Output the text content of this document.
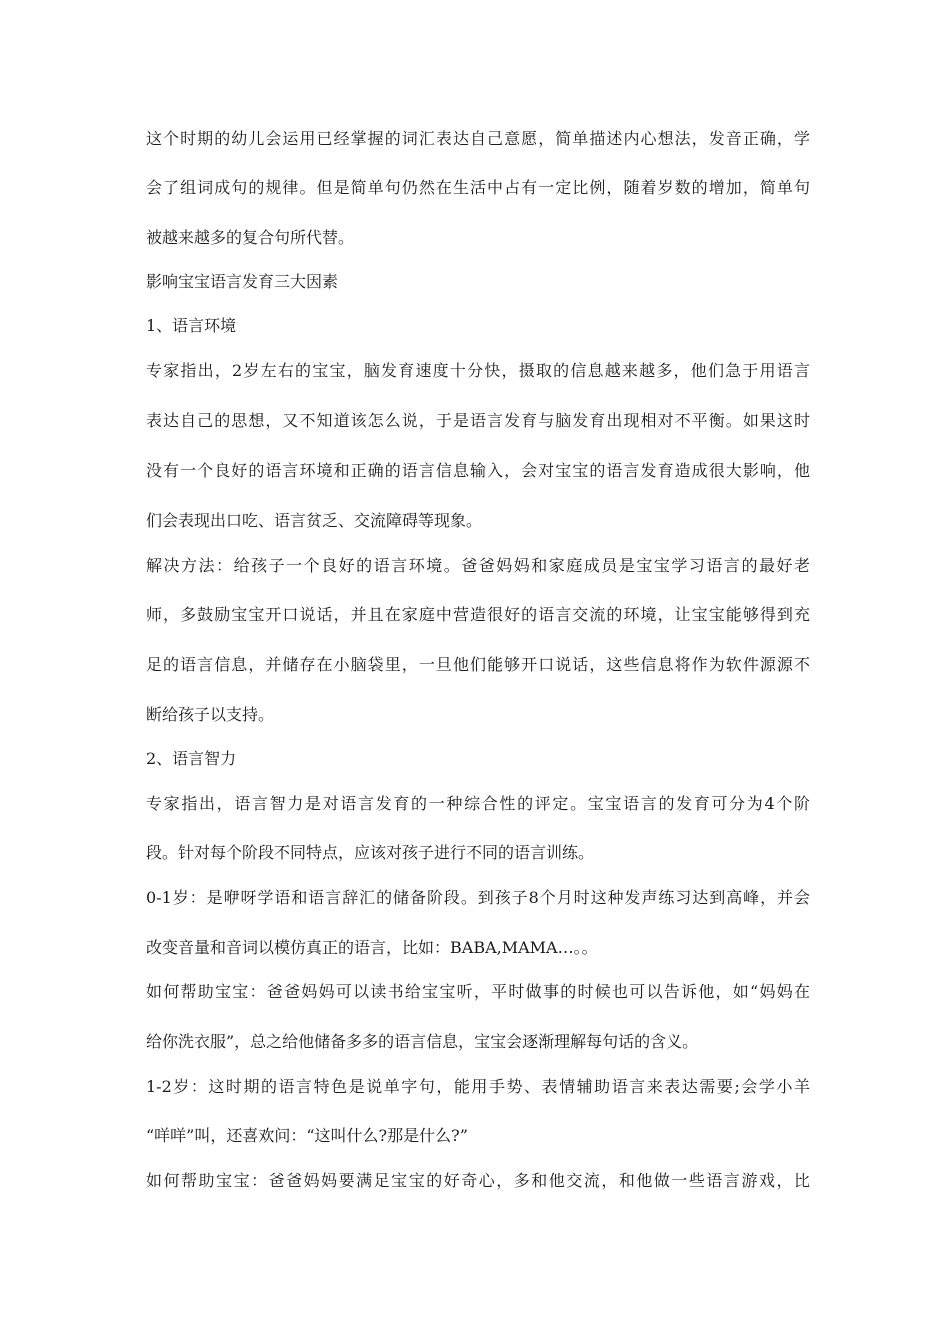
这个时期的幼儿会运用已经掌握的词汇表达自己意愿，简单描述内心想法，发音正确，学
会了组词成句的规律。但是简单句仍然在生活中占有一定比例，随着岁数的增加，简单句
被越来越多的复合句所代替。
影响宝宝语言发育三大因素
1、语言环境
专家指出，2岁左右的宝宝，脑发育速度十分快，摄取的信息越来越多，他们急于用语言
表达自己的思想，又不知道该怎么说，于是语言发育与脑发育出现相对不平衡。如果这时
没有一个良好的语言环境和正确的语言信息输入，会对宝宝的语言发育造成很大影响，他
们会表现出口吃、语言贫乏、交流障碍等现象。
解决方法：给孩子一个良好的语言环境。爸爸妈妈和家庭成员是宝宝学习语言的最好老
师，多鼓励宝宝开口说话，并且在家庭中营造很好的语言交流的环境，让宝宝能够得到充
足的语言信息，并储存在小脑袋里，一旦他们能够开口说话，这些信息将作为软件源源不
断给孩子以支持。
2、语言智力
专家指出，语言智力是对语言发育的一种综合性的评定。宝宝语言的发育可分为4个阶
段。针对每个阶段不同特点，应该对孩子进行不同的语言训练。
0-1岁：是咿呀学语和语言辞汇的储备阶段。到孩子8个月时这种发声练习达到高峰，并会
改变音量和音词以模仿真正的语言，比如：BABA,MAMA…。。
如何帮助宝宝：爸爸妈妈可以读书给宝宝听，平时做事的时候也可以告诉他，如“妈妈在
给你洗衣服”，总之给他储备多多的语言信息，宝宝会逐渐理解每句话的含义。
1-2岁：这时期的语言特色是说单字句，能用手势、表情辅助语言来表达需要;会学小羊
“咩咩”叫，还喜欢问：“这叫什么?那是什么?”
如何帮助宝宝：爸爸妈妈要满足宝宝的好奇心，多和他交流，和他做一些语言游戏，比
